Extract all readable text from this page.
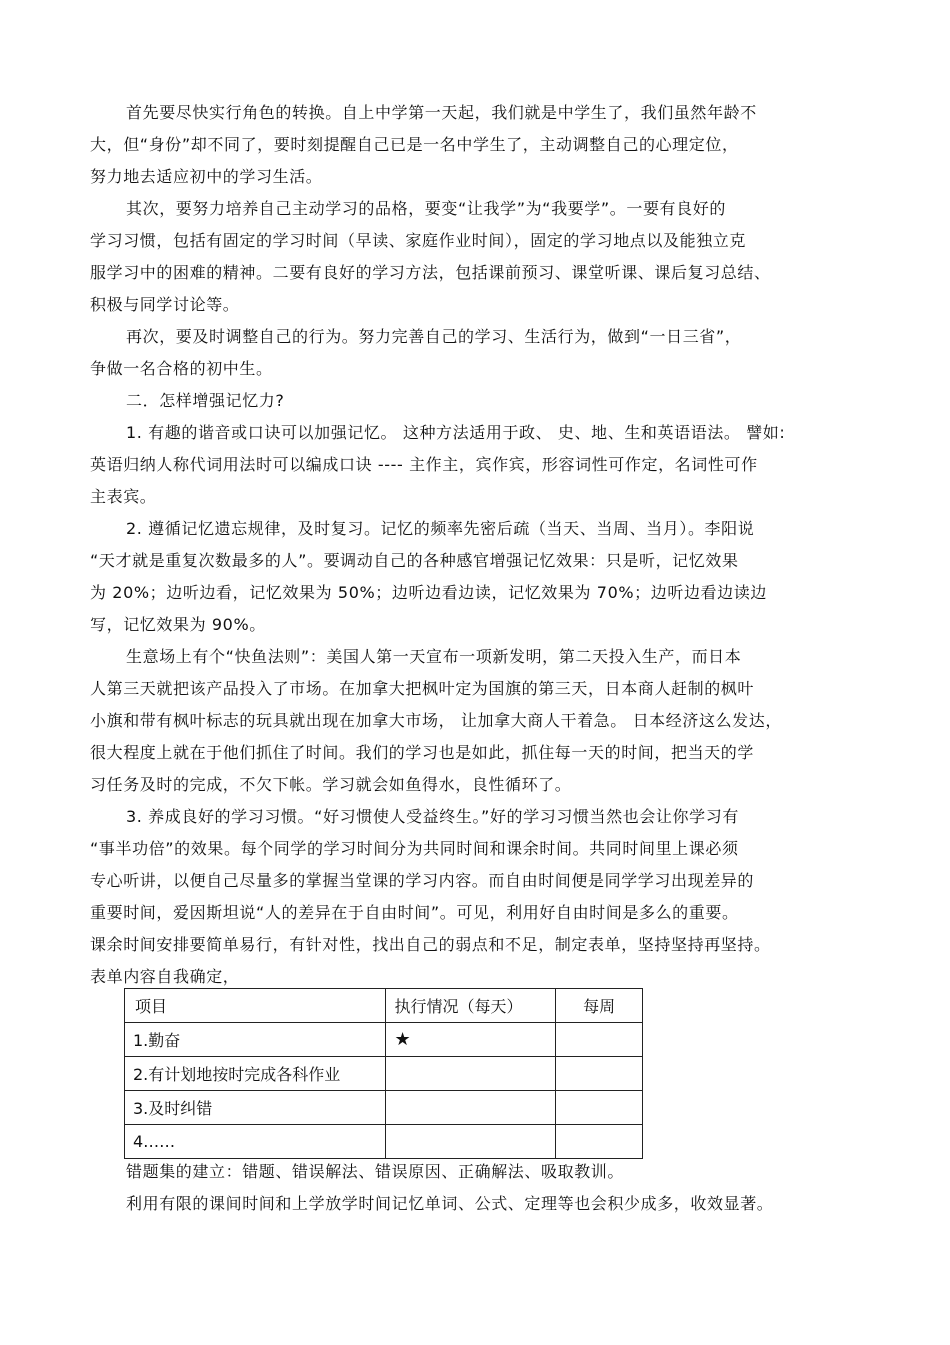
首先要尽快实行角色的转换。自上中学第一天起，我们就是中学生了，我们虽然年龄不
大，但“身份”却不同了，要时刻提醒自己已是一名中学生了，主动调整自己的心理定位，
努力地去适应初中的学习生活。
其次，要努力培养自己主动学习的品格，要变“让我学”为“我要学”。一要有良好的
学习习惯，包括有固定的学习时间（早读、家庭作业时间），固定的学习地点以及能独立克
服学习中的困难的精神。二要有良好的学习方法，包括课前预习、课堂听课、课后复习总结、
积极与同学讨论等。
再次，要及时调整自己的行为。努力完善自己的学习、生活行为，做到“一日三省”，
争做一名合格的初中生。
二．怎样增强记忆力?
1. 有趣的谐音或口诀可以加强记忆。 这种方法适用于政、 史、地、生和英语语法。 譬如:
英语归纳人称代词用法时可以编成口诀 ---- 主作主，宾作宾，形容词性可作定，名词性可作
主表宾。
2. 遵循记忆遗忘规律，及时复习。记忆的频率先密后疏（当天、当周、当月）。李阳说
“天才就是重复次数最多的人”。要调动自己的各种感官增强记忆效果：只是听，记忆效果
为 20%；边听边看，记忆效果为 50%；边听边看边读，记忆效果为 70%；边听边看边读边
写，记忆效果为 90%。
生意场上有个“快鱼法则”：美国人第一天宣布一项新发明，第二天投入生产，而日本
人第三天就把该产品投入了市场。在加拿大把枫叶定为国旗的第三天，日本商人赶制的枫叶
小旗和带有枫叶标志的玩具就出现在加拿大市场， 让加拿大商人干着急。 日本经济这么发达，
很大程度上就在于他们抓住了时间。我们的学习也是如此，抓住每一天的时间，把当天的学
习任务及时的完成，不欠下帐。学习就会如鱼得水，良性循环了。
3. 养成良好的学习习惯。“好习惯使人受益终生。”好的学习习惯当然也会让你学习有
“事半功倍”的效果。每个同学的学习时间分为共同时间和课余时间。共同时间里上课必须
专心听讲，以便自己尽量多的掌握当堂课的学习内容。而自由时间便是同学学习出现差异的
重要时间，爱因斯坦说“人的差异在于自由时间”。可见，利用好自由时间是多么的重要。
课余时间安排要简单易行，有针对性，找出自己的弱点和不足，制定表单，坚持坚持再坚持。
表单内容自我确定，
项目	执行情况（每天）	每周
1.勤奋	★	
2.有计划地按时完成各科作业		
3.及时纠错		
4……		
错题集的建立：错题、错误解法、错误原因、正确解法、吸取教训。
利用有限的课间时间和上学放学时间记忆单词、公式、定理等也会积少成多，收效显著。
